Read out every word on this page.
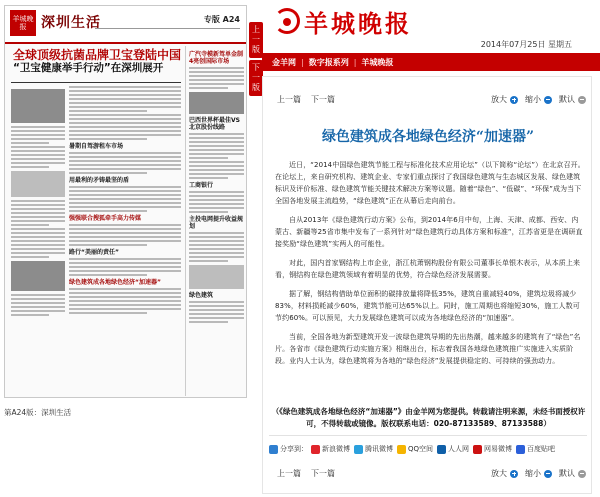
羊城晚报	深圳生活	专版 A24
全球顶级抗菌品牌卫宝登陆中国
“卫宝健康举手行动”在深圳展开
暑期自驾游租车市场
用最利的矛铸最坚的盾
强强联合搜狐牵手高力传媒
路行“美丽的责任”
绿色建筑成各地绿色经济“加速器”
广汽寺模新驾单金制4亮创国际市场
巴西世界杯最佳VS 北京股份线路
工商银行
主投电网提升收益规划
绿色建筑
第A24版：深圳生活
羊城晚报
2014年07月25日 星期五
上一版
下一版
金羊网 | 数字报系列 | 羊城晚报
上一篇 下一篇	放大 缩小 默认
绿色建筑成各地绿色经济“加速器”

近日，“2014中国绿色建筑节能工程与标准化技术应用论坛”（以下简称“论坛”）在北京召开。在论坛上，来自研究机构、建筑企业、专家们重点探讨了我国绿色建筑与生态城区发展、绿色建筑标识及评价标准、绿色建筑节能关键技术解决方案等议题。随着“绿色”、“低碳”、“环保”成为当下全国各地发展主流趋势，“绿色建筑”正在从幕后走向前台。

自从2013年《绿色建筑行动方案》公布，到2014年6月中旬，上海、天津、成都、西安、内蒙古、新疆等25省市集中发布了一系列针对“绿色建筑行动具体方案和标准”，江苏省更是在调研直接奖励“绿色建筑”实两人的可能性。

对此，国内首家钢结构上市企业，浙江杭萧钢构股份有限公司董事长单银木表示，从本质上来看，钢结构在绿色建筑领域有着明显的优势，符合绿色经济发展需要。

据了解，钢结构借助单位面积的碳排放量将降低35%，建筑自重减轻40%，建筑垃圾将减少83%，材料损耗减少60%，建筑节能可达65%以上。同时，施工周期也将缩短30%，施工人数可节约60%。可以预见，大力发展绿色建筑可以成为各地绿色经济的“加速器”。

当前，全国各地为新型建筑开发一波绿色建筑导期的先出热潮，越来越多的建筑有了“绿色”名片。各省市《绿色建筑行动实施方案》相继出台，标志着我国各地绿色建筑推广实施进入实质阶段。业内人士认为，绿色建筑将为各地的“绿色经济”发展提供稳定的、可持续的强劲动力。

（《绿色建筑成各地绿色经济“加速器”》由金羊网为您提供。转载请注明来源，未经书面授权许可，不得转载或镜像。版权联系电话：020-87133589、87133588）
分享到： 新浪微博 腾讯微博 QQ空间 人人网 网易微博 百度贴吧
上一篇 下一篇	放大 缩小 默认
